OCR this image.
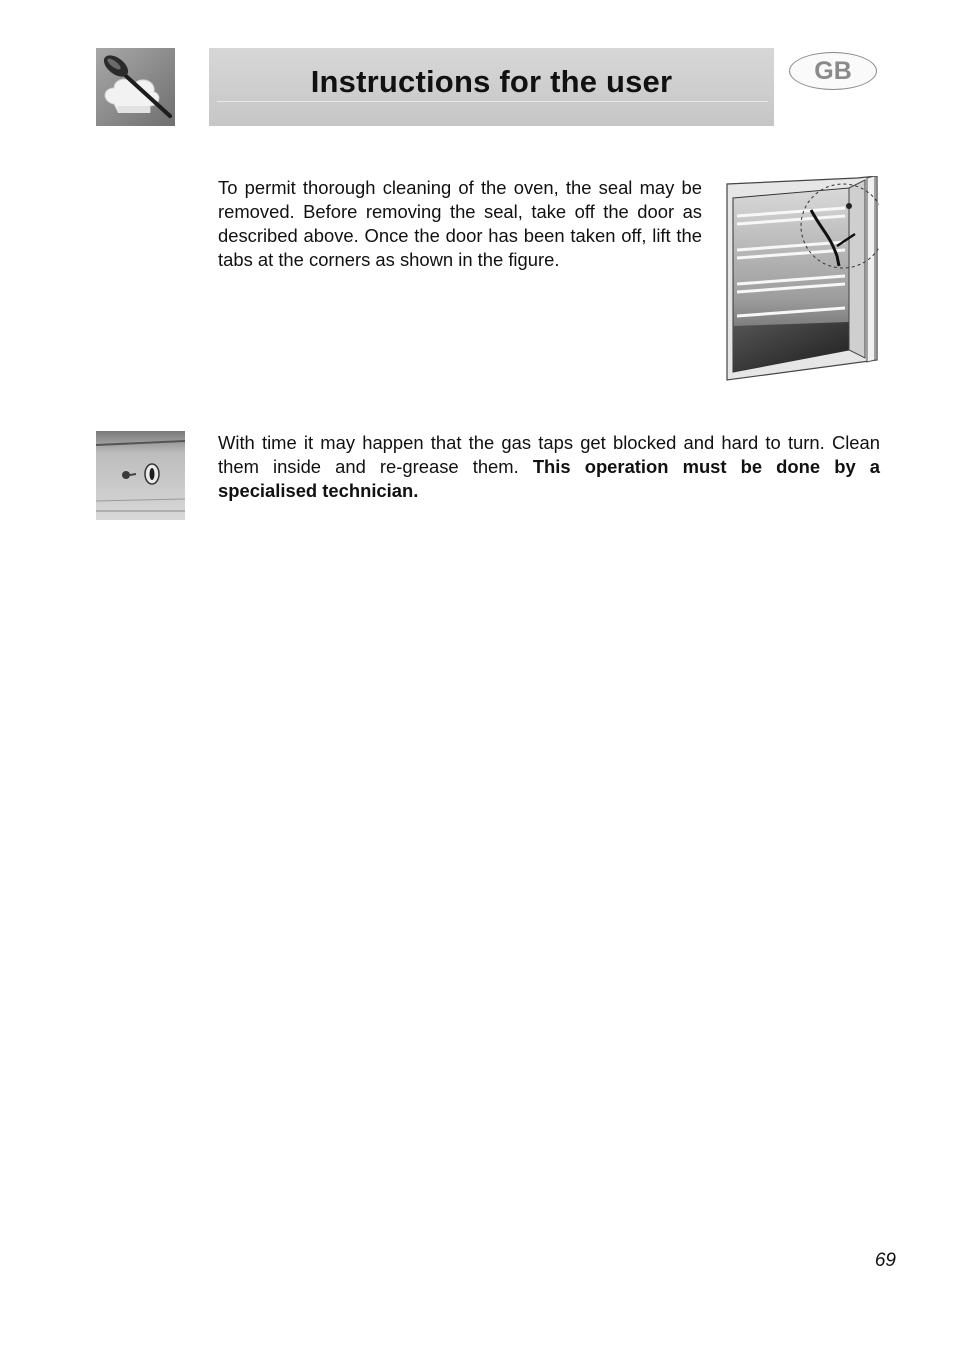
Instructions for the user	GB

To permit thorough cleaning of the oven, the seal may be removed. Before removing the seal, take off the door as described above. Once the door has been taken off, lift the tabs at the corners as shown in the figure.

With time it may happen that the gas taps get blocked and hard to turn. Clean them inside and re-grease them. This operation must be done by a specialised technician.

69
